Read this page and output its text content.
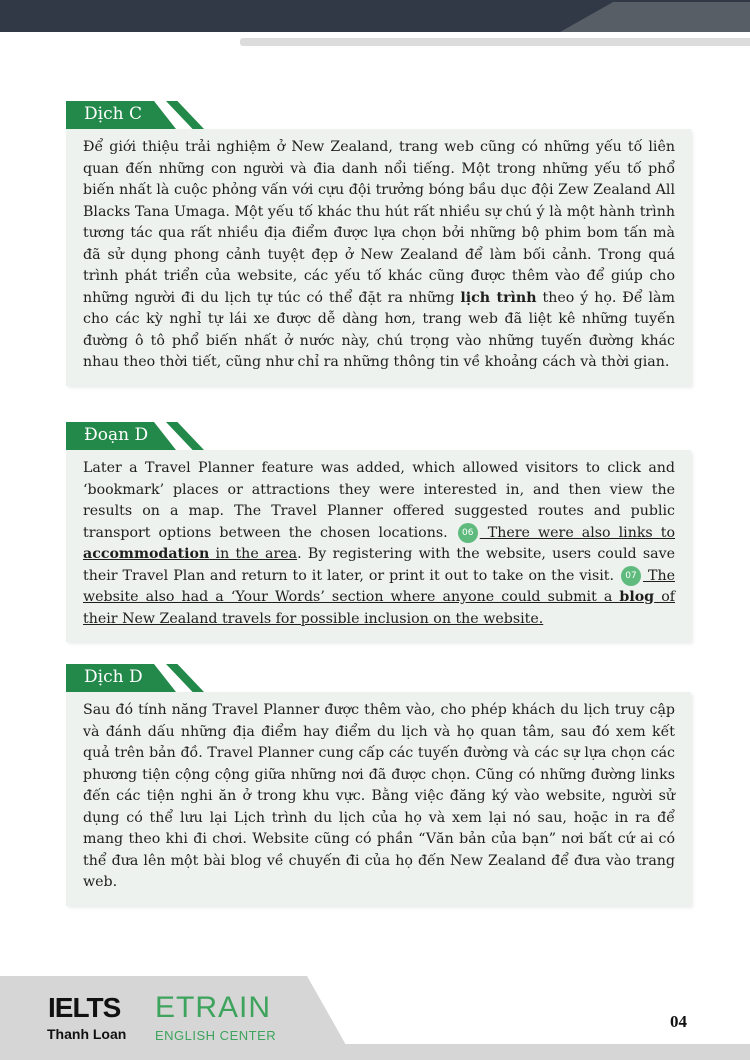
Dịch C

Để giới thiệu trải nghiệm ở New Zealand, trang web cũng có những yếu tố liên quan đến những con người và đia danh nổi tiếng. Một trong những yếu tố phổ biến nhất là cuộc phỏng vấn với cựu đội trưởng bóng bầu dục đội Zew Zealand All Blacks Tana Umaga. Một yếu tố khác thu hút rất nhiều sự chú ý là một hành trình tương tác qua rất nhiều địa điểm được lựa chọn bởi những bộ phim bom tấn mà đã sử dụng phong cảnh tuyệt đẹp ở New Zealand để làm bối cảnh. Trong quá trình phát triển của website, các yếu tố khác cũng được thêm vào để giúp cho những người đi du lịch tự túc có thể đặt ra những lịch trình theo ý họ. Để làm cho các kỳ nghỉ tự lái xe được dễ dàng hơn, trang web đã liệt kê những tuyến đường ô tô phổ biến nhất ở nước này, chú trọng vào những tuyến đường khác nhau theo thời tiết, cũng như chỉ ra những thông tin về khoảng cách và thời gian.

Đoạn D

Later a Travel Planner feature was added, which allowed visitors to click and ‘bookmark’ places or attractions they were interested in, and then view the results on a map. The Travel Planner offered suggested routes and public transport options between the chosen locations. 06 There were also links to accommodation in the area. By registering with the website, users could save their Travel Plan and return to it later, or print it out to take on the visit. 07 The website also had a ‘Your Words’ section where anyone could submit a blog of their New Zealand travels for possible inclusion on the website.

Dịch D

Sau đó tính năng Travel Planner được thêm vào, cho phép khách du lịch truy cập và đánh dấu những địa điểm hay điểm du lịch và họ quan tâm, sau đó xem kết quả trên bản đồ. Travel Planner cung cấp các tuyến đường và các sự lựa chọn các phương tiện cộng cộng giữa những nơi đã được chọn. Cũng có những đường links đến các tiện nghi ăn ở trong khu vực. Bằng việc đăng ký vào website, người sử dụng có thể lưu lại Lịch trình du lịch của họ và xem lại nó sau, hoặc in ra để mang theo khi đi chơi. Website cũng có phần “Văn bản của bạn” nơi bất cứ ai có thể đưa lên một bài blog về chuyến đi của họ đến New Zealand để đưa vào trang web.

IELTS
Thanh Loan
ETRAIN
ENGLISH CENTER
04
